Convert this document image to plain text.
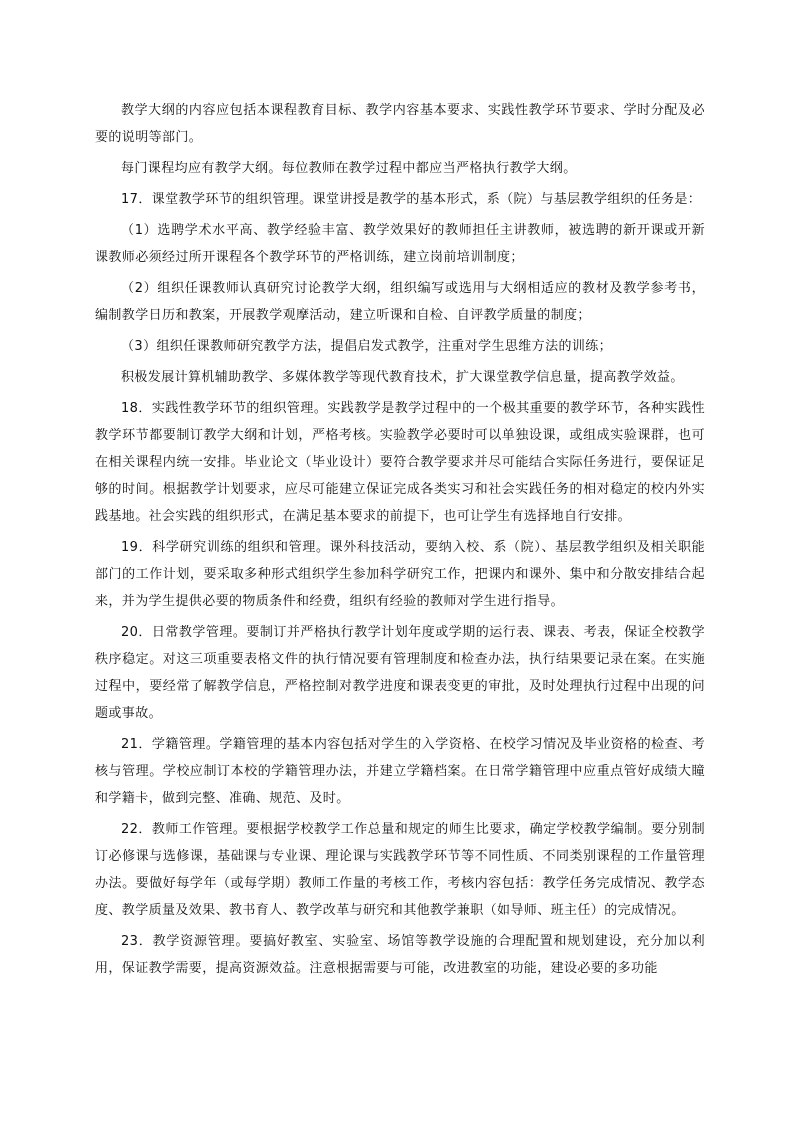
教学大纲的内容应包括本课程教育目标、教学内容基本要求、实践性教学环节要求、学时分配及必要的说明等部门。

每门课程均应有教学大纲。每位教师在教学过程中都应当严格执行教学大纲。

17．课堂教学环节的组织管理。课堂讲授是教学的基本形式，系（院）与基层教学组织的任务是：

（1）选聘学术水平高、教学经验丰富、教学效果好的教师担任主讲教师，被选聘的新开课或开新课教师必须经过所开课程各个教学环节的严格训练，建立岗前培训制度；

（2）组织任课教师认真研究讨论教学大纲，组织编写或选用与大纲相适应的教材及教学参考书，编制教学日历和教案，开展教学观摩活动，建立听课和自检、自评教学质量的制度；

（3）组织任课教师研究教学方法，提倡启发式教学，注重对学生思维方法的训练；

积极发展计算机辅助教学、多媒体教学等现代教育技术，扩大课堂教学信息量，提高教学效益。

18．实践性教学环节的组织管理。实践教学是教学过程中的一个极其重要的教学环节，各种实践性教学环节都要制订教学大纲和计划，严格考核。实验教学必要时可以单独设课，或组成实验课群，也可在相关课程内统一安排。毕业论文（毕业设计）要符合教学要求并尽可能结合实际任务进行，要保证足够的时间。根据教学计划要求，应尽可能建立保证完成各类实习和社会实践任务的相对稳定的校内外实践基地。社会实践的组织形式，在满足基本要求的前提下，也可让学生有选择地自行安排。

19．科学研究训练的组织和管理。课外科技活动，要纳入校、系（院）、基层教学组织及相关职能部门的工作计划，要采取多种形式组织学生参加科学研究工作，把课内和课外、集中和分散安排结合起来，并为学生提供必要的物质条件和经费，组织有经验的教师对学生进行指导。

20．日常教学管理。要制订并严格执行教学计划年度或学期的运行表、课表、考表，保证全校教学秩序稳定。对这三项重要表格文件的执行情况要有管理制度和检查办法，执行结果要记录在案。在实施过程中，要经常了解教学信息，严格控制对教学进度和课表变更的审批，及时处理执行过程中出现的问题或事故。

21．学籍管理。学籍管理的基本内容包括对学生的入学资格、在校学习情况及毕业资格的检查、考核与管理。学校应制订本校的学籍管理办法，并建立学籍档案。在日常学籍管理中应重点管好成绩大瞳和学籍卡，做到完整、准确、规范、及时。

22．教师工作管理。要根据学校教学工作总量和规定的师生比要求，确定学校教学编制。要分别制订必修课与选修课，基础课与专业课、理论课与实践教学环节等不同性质、不同类别课程的工作量管理办法。要做好每学年（或每学期）教师工作量的考核工作，考核内容包括：教学任务完成情况、教学态度、教学质量及效果、教书育人、教学改革与研究和其他教学兼职（如导师、班主任）的完成情况。

23．教学资源管理。要搞好教室、实验室、场馆等教学设施的合理配置和规划建设，充分加以利用，保证教学需要，提高资源效益。注意根据需要与可能，改进教室的功能，建设必要的多功能
